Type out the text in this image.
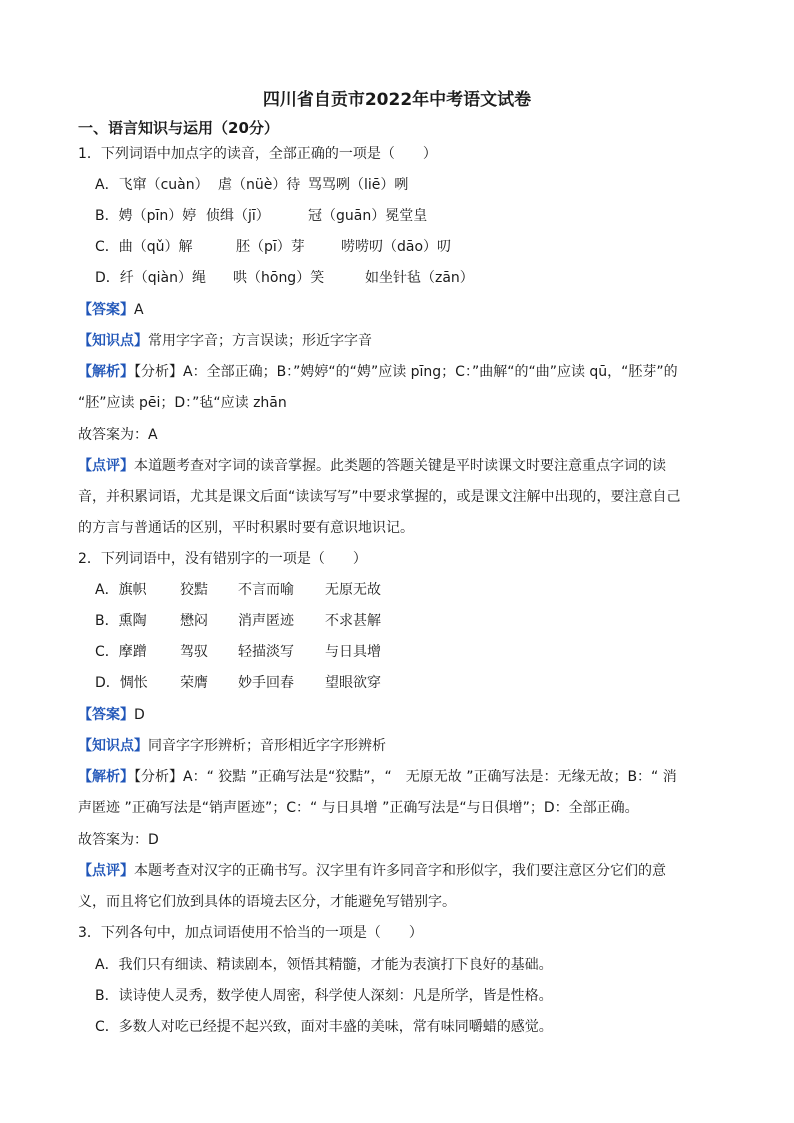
四川省自贡市2022年中考语文试卷
一、语言知识与运用（20分）
1．下列词语中加点字的读音，全部正确的一项是（　　）
A．飞窜（cuàn） 虐（nüè）待 骂骂咧（liē）咧
B．娉（pīn）婷 侦缉（jī）	冠（guān）冕堂皇
C．曲（qǔ）解	胚（pī）芽	唠唠叨（dāo）叨
D．纤（qiàn）绳 哄（hōng）笑	如坐针毡（zān）
【答案】A
【知识点】常用字字音；方言误读；形近字字音
【解析】【分析】A：全部正确；B：”娉婷“的“娉”应读 pīng；C：”曲解“的“曲”应读 qū，“胚芽”的
“胚”应读 pēi；D：”毡“应读 zhān
故答案为：A
【点评】本道题考查对字词的读音掌握。此类题的答题关键是平时读课文时要注意重点字词的读
音，并积累词语，尤其是课文后面“读读写写”中要求掌握的，或是课文注解中出现的，要注意自己
的方言与普通话的区别，平时积累时要有意识地识记。
2．下列词语中，没有错别字的一项是（　　）
A．旗帜 狡黠 不言而喻 无原无故
B．熏陶 懋闷 消声匿迹 不求甚解
C．摩蹭 驾驭 轻描淡写 与日具增
D．惆怅 荣膺 妙手回春 望眼欲穿
【答案】D
【知识点】同音字字形辨析；音形相近字字形辨析
【解析】【分析】A：“ 狡黠 ”正确写法是“狡黠”，“　无原无故 ”正确写法是：无缘无故；B：“ 消
声匿迹 ”正确写法是“销声匿迹”；C：“ 与日具增 ”正确写法是“与日俱增”；D：全部正确。
故答案为：D
【点评】本题考查对汉字的正确书写。汉字里有许多同音字和形似字，我们要注意区分它们的意
义，而且将它们放到具体的语境去区分，才能避免写错别字。
3．下列各句中，加点词语使用不恰当的一项是（　　）
A．我们只有细读、精读剧本，领悟其精髓，才能为表演打下良好的基础。
B．读诗使人灵秀，数学使人周密，科学使人深刻：凡是所学，皆是性格。
C．多数人对吃已经提不起兴致，面对丰盛的美味，常有味同嚼蜡的感觉。
